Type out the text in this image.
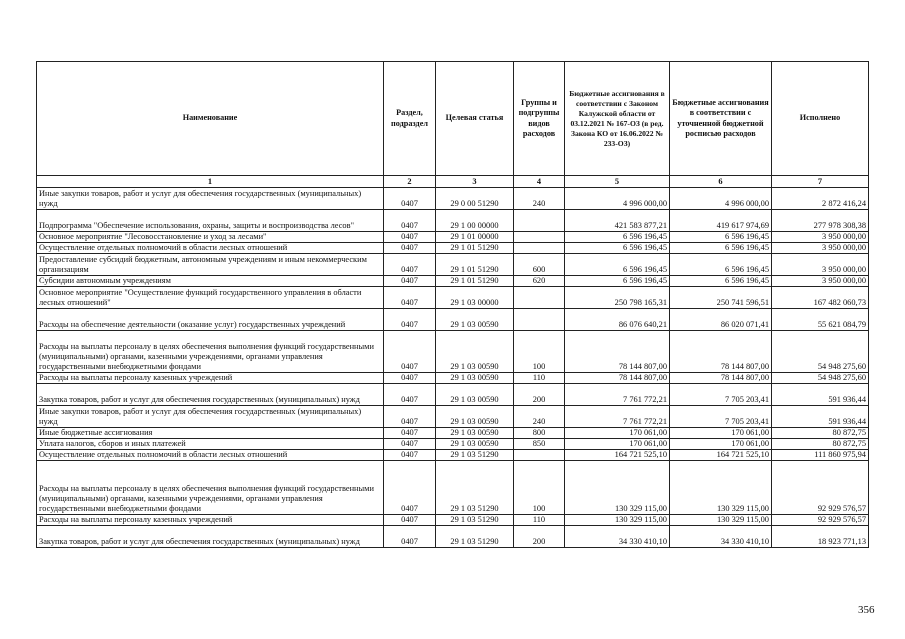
Наименование	Раздел, подраздел	Целевая статья	Группы и подгруппы видов расходов	Бюджетные ассигнования в соответствии с Законом Калужской области от 03.12.2021 № 167-ОЗ (в ред. Закона КО от 16.06.2022 № 233-ОЗ)	Бюджетные ассигнования в соответствии с уточненной бюджетной росписью расходов	Исполнено
1	2	3	4	5	6	7
Иные закупки товаров, работ и услуг для обеспечения государственных (муниципальных) нужд	0407	29 0 00 51290	240	4 996 000,00	4 996 000,00	2 872 416,24
Подпрограмма "Обеспечение использования, охраны, защиты и воспроизводства лесов"	0407	29 1 00 00000		421 583 877,21	419 617 974,69	277 978 308,38
Основное мероприятие "Лесовосстановление и уход за лесами"	0407	29 1 01 00000		6 596 196,45	6 596 196,45	3 950 000,00
Осуществление отдельных полномочий в области лесных отношений	0407	29 1 01 51290		6 596 196,45	6 596 196,45	3 950 000,00
Предоставление субсидий бюджетным, автономным учреждениям и иным некоммерческим организациям	0407	29 1 01 51290	600	6 596 196,45	6 596 196,45	3 950 000,00
Субсидии автономным учреждениям	0407	29 1 01 51290	620	6 596 196,45	6 596 196,45	3 950 000,00
Основное мероприятие "Осуществление функций государственного управления в области лесных отношений"	0407	29 1 03 00000		250 798 165,31	250 741 596,51	167 482 060,73
Расходы на обеспечение деятельности (оказание услуг) государственных учреждений	0407	29 1 03 00590		86 076 640,21	86 020 071,41	55 621 084,79
Расходы на выплаты персоналу в целях обеспечения выполнения функций государственными (муниципальными) органами, казенными учреждениями, органами управления государственными внебюджетными фондами	0407	29 1 03 00590	100	78 144 807,00	78 144 807,00	54 948 275,60
Расходы на выплаты персоналу казенных учреждений	0407	29 1 03 00590	110	78 144 807,00	78 144 807,00	54 948 275,60
Закупка товаров, работ и услуг для обеспечения государственных (муниципальных) нужд	0407	29 1 03 00590	200	7 761 772,21	7 705 203,41	591 936,44
Иные закупки товаров, работ и услуг для обеспечения государственных (муниципальных) нужд	0407	29 1 03 00590	240	7 761 772,21	7 705 203,41	591 936,44
Иные бюджетные ассигнования	0407	29 1 03 00590	800	170 061,00	170 061,00	80 872,75
Уплата налогов, сборов и иных платежей	0407	29 1 03 00590	850	170 061,00	170 061,00	80 872,75
Осуществление отдельных полномочий в области лесных отношений	0407	29 1 03 51290		164 721 525,10	164 721 525,10	111 860 975,94
Расходы на выплаты персоналу в целях обеспечения выполнения функций государственными (муниципальными) органами, казенными учреждениями, органами управления государственными внебюджетными фондами	0407	29 1 03 51290	100	130 329 115,00	130 329 115,00	92 929 576,57
Расходы на выплаты персоналу казенных учреждений	0407	29 1 03 51290	110	130 329 115,00	130 329 115,00	92 929 576,57
Закупка товаров, работ и услуг для обеспечения государственных (муниципальных) нужд	0407	29 1 03 51290	200	34 330 410,10	34 330 410,10	18 923 771,13
356
